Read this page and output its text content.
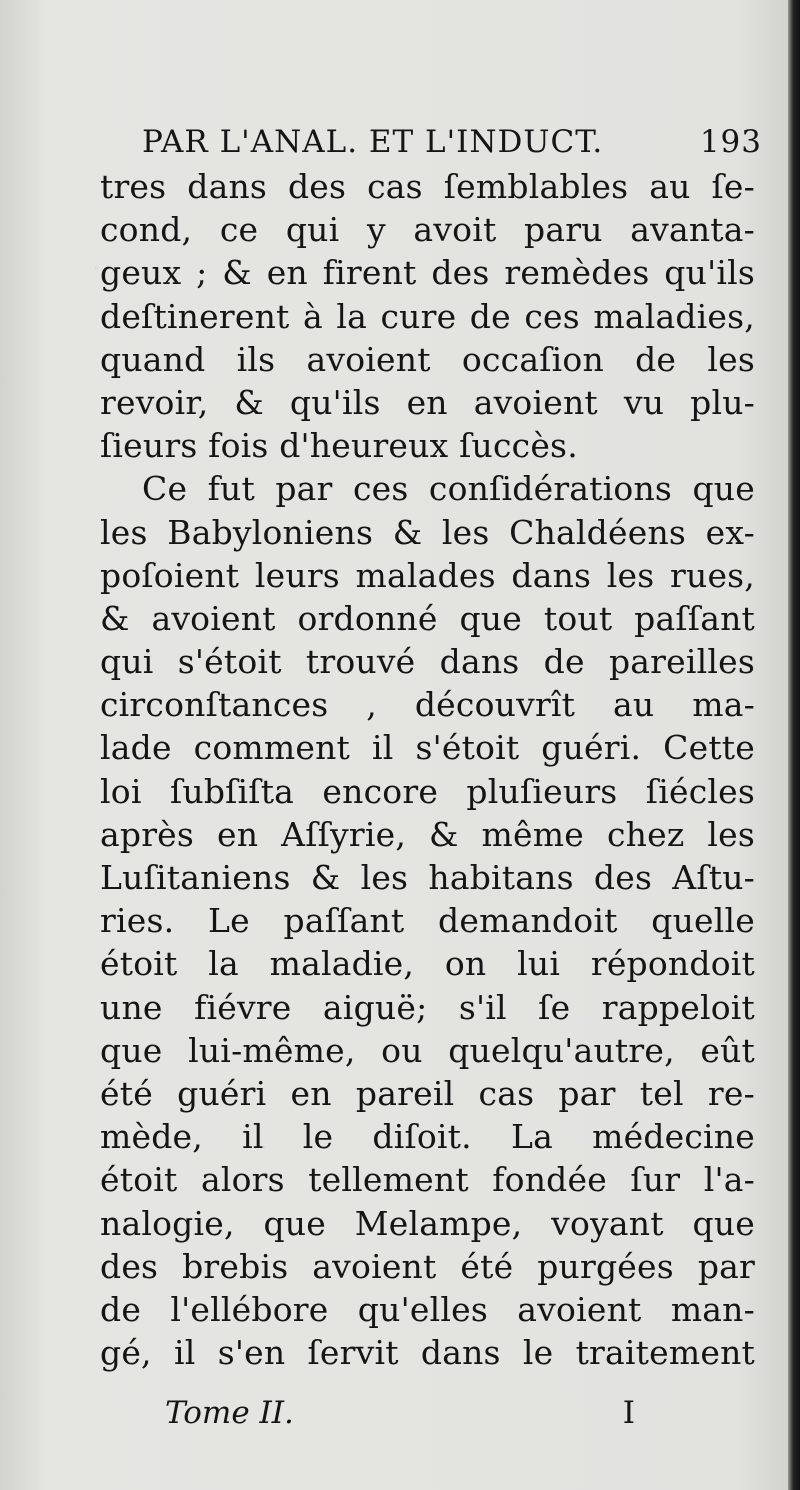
PAR L'ANAL. ET L'INDUCT.	193
tres dans des cas ſemblables au ſe-
cond, ce qui y avoit paru avanta-
geux ; & en firent des remèdes qu'ils
deſtinerent à la cure de ces maladies,
quand ils avoient occaſion de les
revoir, & qu'ils en avoient vu plu-
ſieurs fois d'heureux ſuccès.
Ce fut par ces conſidérations que
les Babyloniens & les Chaldéens ex-
poſoient leurs malades dans les rues,
& avoient ordonné que tout paſſant
qui s'étoit trouvé dans de pareilles
circonſtances , découvrît au ma-
lade comment il s'étoit guéri. Cette
loi ſubſiſta encore pluſieurs ſiécles
après en Aſſyrie, & même chez les
Luſitaniens & les habitans des Aſtu-
ries. Le paſſant demandoit quelle
étoit la maladie, on lui répondoit
une fiévre aiguë; s'il ſe rappeloit
que lui-même, ou quelqu'autre, eût
été guéri en pareil cas par tel re-
mède, il le diſoit. La médecine
étoit alors tellement fondée ſur l'a-
nalogie, que Melampe, voyant que
des brebis avoient été purgées par
de l'ellébore qu'elles avoient man-
gé, il s'en ſervit dans le traitement
Tome II.	I
